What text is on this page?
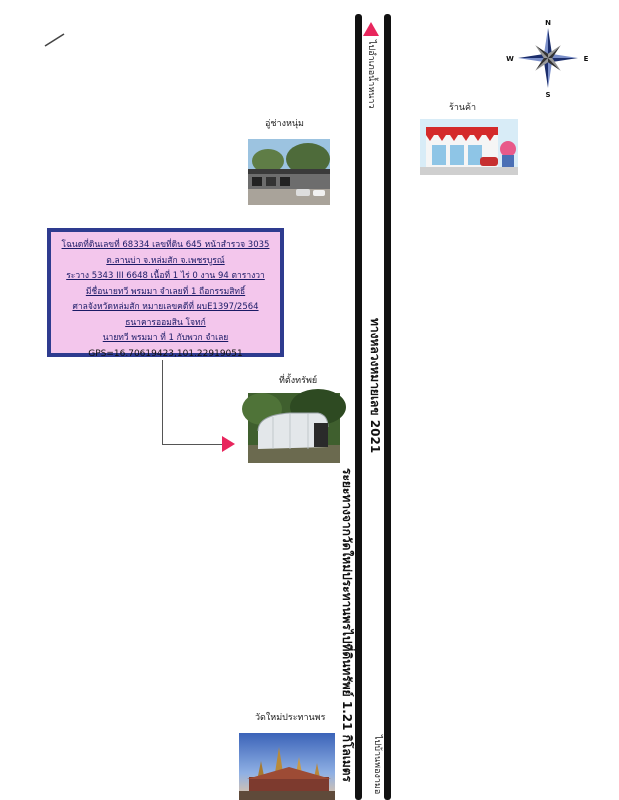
ไปอำเภอน้ำหนาว
ทางหลวงหมายเลข 2021
ระยะทางจากวัดใหม่ประทานพรไปที่ดินทรัพย์ 1.21 กิโลเมตร	ไปบ้านพองามอ
N
E
S
W
อู่ช่างหนุ่ม
ร้านค้า
โฉนดที่ดินเลขที่ 68334 เลขที่ดิน 645 หน้าสำรวจ 3035
ต.ลานบ่า จ.หล่มสัก จ.เพชรบูรณ์
ระวาง 5343 III 6648 เนื้อที่ 1 ไร่ 0 งาน 94 ตารางวา
มีชื่อนายทวี พรมมา จำเลยที่ 1 ถือกรรมสิทธิ์
ศาลจังหวัดหล่มสัก หมายเลขคดีที่ ผบE1397/2564
ธนาคารออมสิน โจทก์
นายทวี พรมมา ที่ 1 กับพวก จำเลย
GPS=16.70619423,101.22919051
ที่ตั้งทรัพย์
วัดใหม่ประทานพร
